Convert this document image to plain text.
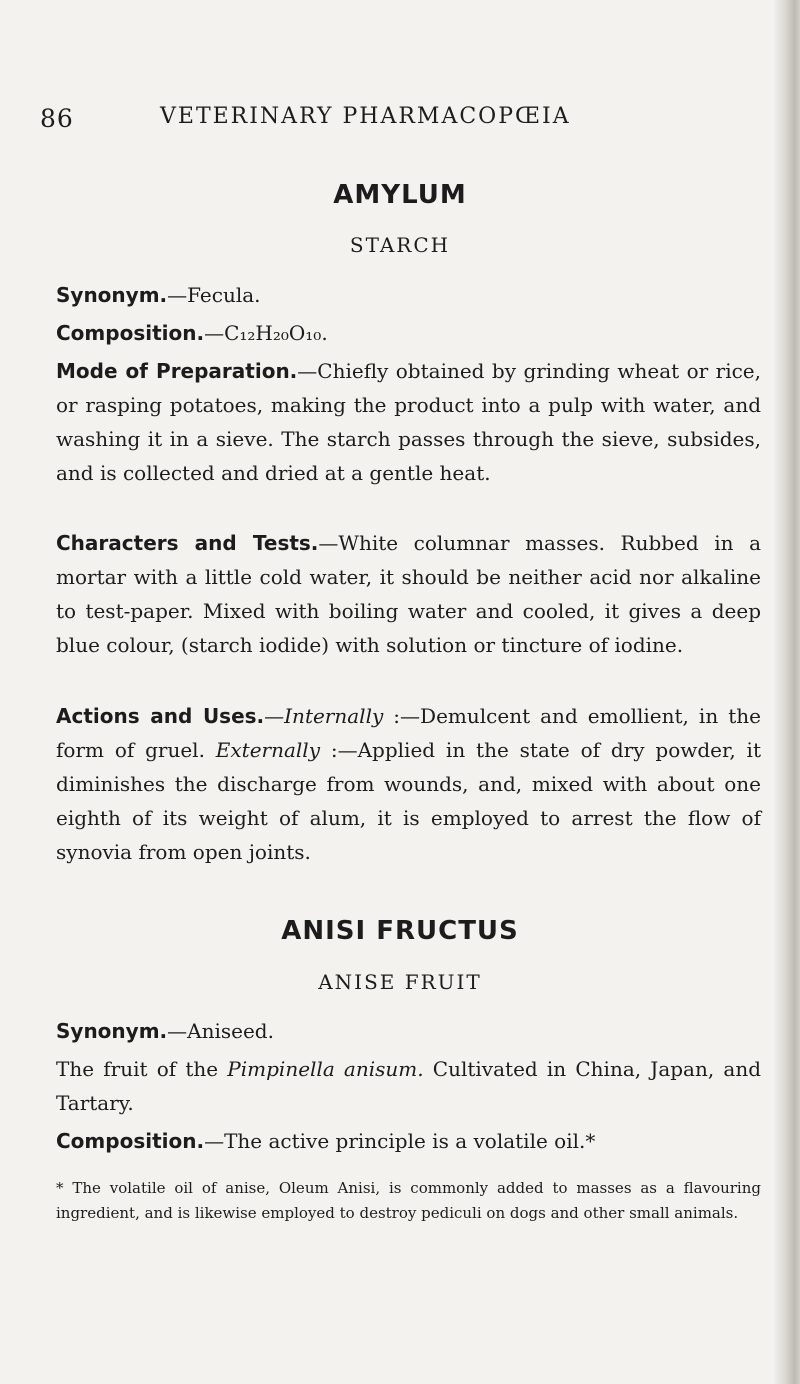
86	VETERINARY PHARMACOPŒIA
AMYLUM
STARCH

Synonym.—Fecula.

Composition.—C₁₂H₂₀O₁₀.

Mode of Preparation.—Chiefly obtained by grinding wheat or rice, or rasping potatoes, making the product into a pulp with water, and washing it in a sieve. The starch passes through the sieve, subsides, and is collected and dried at a gentle heat.

Characters and Tests.—White columnar masses. Rubbed in a mortar with a little cold water, it should be neither acid nor alkaline to test-paper. Mixed with boiling water and cooled, it gives a deep blue colour, (starch iodide) with solution or tincture of iodine.

Actions and Uses.—Internally :—Demulcent and emollient, in the form of gruel. Externally :—Applied in the state of dry powder, it diminishes the discharge from wounds, and, mixed with about one eighth of its weight of alum, it is employed to arrest the flow of synovia from open joints.

ANISI FRUCTUS
ANISE FRUIT

Synonym.—Aniseed.

The fruit of the Pimpinella anisum. Cultivated in China, Japan, and Tartary.

Composition.—The active principle is a volatile oil.*

* The volatile oil of anise, Oleum Anisi, is commonly added to masses as a flavouring ingredient, and is likewise employed to destroy pediculi on dogs and other small animals.
